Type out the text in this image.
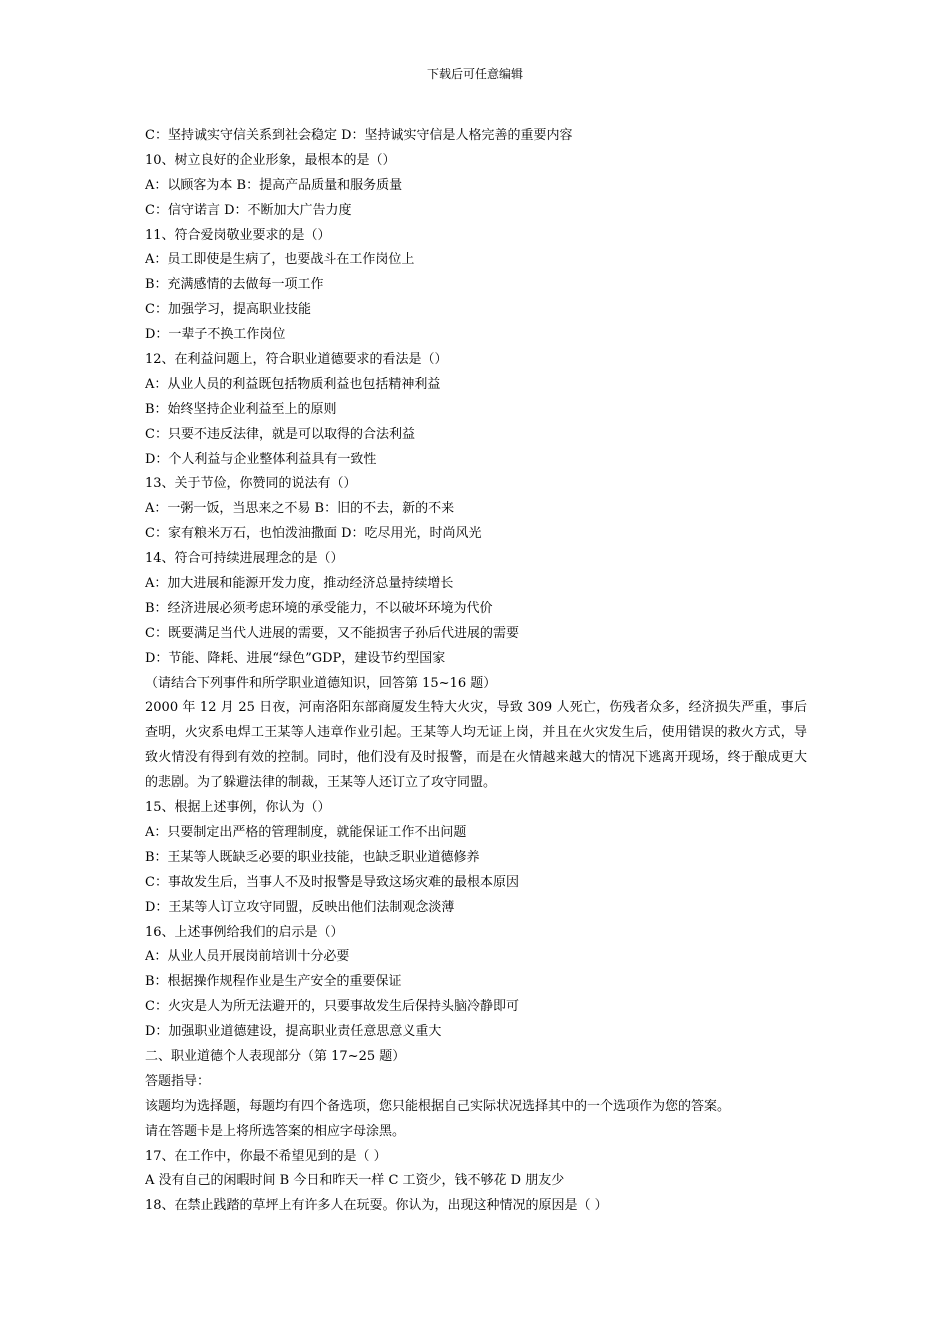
下载后可任意编辑
C：坚持诚实守信关系到社会稳定 D：坚持诚实守信是人格完善的重要内容
10、树立良好的企业形象，最根本的是（）
A：以顾客为本 B：提高产品质量和服务质量
C：信守诺言 D：不断加大广告力度
11、符合爱岗敬业要求的是（）
A：员工即使是生病了，也要战斗在工作岗位上
B：充满感情的去做每一项工作
C：加强学习，提高职业技能
D：一辈子不换工作岗位
12、在利益问题上，符合职业道德要求的看法是（）
A：从业人员的利益既包括物质利益也包括精神利益
B：始终坚持企业利益至上的原则
C：只要不违反法律，就是可以取得的合法利益
D：个人利益与企业整体利益具有一致性
13、关于节俭，你赞同的说法有（）
A：一粥一饭，当思来之不易 B：旧的不去，新的不来
C：家有粮米万石，也怕泼油撒面 D：吃尽用光，时尚风光
14、符合可持续进展理念的是（）
A：加大进展和能源开发力度，推动经济总量持续增长
B：经济进展必须考虑环境的承受能力，不以破坏环境为代价
C：既要满足当代人进展的需要，又不能损害子孙后代进展的需要
D：节能、降耗、进展“绿色”GDP，建设节约型国家
（请结合下列事件和所学职业道德知识，回答第 15~16 题）
2000 年 12 月 25 日夜，河南洛阳东部商厦发生特大火灾，导致 309 人死亡，伤残者众多，经济损失严重，事后查明，火灾系电焊工王某等人违章作业引起。王某等人均无证上岗，并且在火灾发生后，使用错误的救火方式，导致火情没有得到有效的控制。同时，他们没有及时报警，而是在火情越来越大的情况下逃离开现场，终于酿成更大的悲剧。为了躲避法律的制裁，王某等人还订立了攻守同盟。
15、根据上述事例，你认为（）
A：只要制定出严格的管理制度，就能保证工作不出问题
B：王某等人既缺乏必要的职业技能，也缺乏职业道德修养
C：事故发生后，当事人不及时报警是导致这场灾难的最根本原因
D：王某等人订立攻守同盟，反映出他们法制观念淡薄
16、上述事例给我们的启示是（）
A：从业人员开展岗前培训十分必要
B：根据操作规程作业是生产安全的重要保证
C：火灾是人为所无法避开的，只要事故发生后保持头脑冷静即可
D：加强职业道德建设，提高职业责任意思意义重大
二、职业道德个人表现部分（第 17~25 题）
答题指导：
该题均为选择题，每题均有四个备选项，您只能根据自己实际状况选择其中的一个选项作为您的答案。
请在答题卡是上将所选答案的相应字母涂黑。
17、在工作中，你最不希望见到的是（ ）
A 没有自己的闲暇时间 B 今日和昨天一样 C 工资少，钱不够花 D 朋友少
18、在禁止践踏的草坪上有许多人在玩耍。你认为，出现这种情况的原因是（ ）
